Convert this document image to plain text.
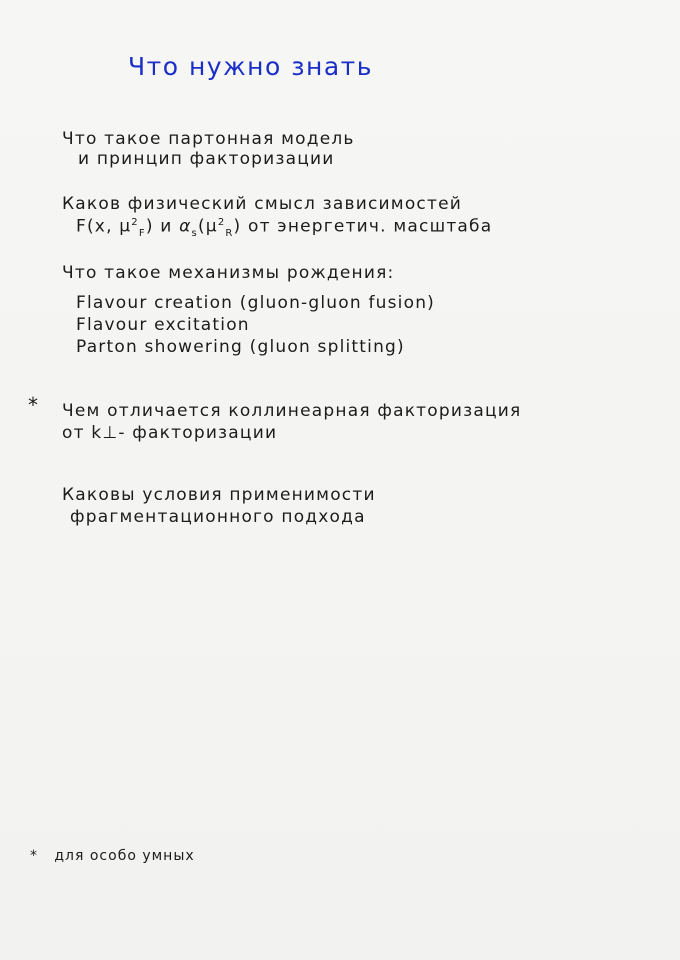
Что нужно знать
Что такое партонная модель
и принцип факторизации
Каков физический смысл зависимостей
F(x, $\mu^2_F$) и $\alpha_s(\mu^2_R)$ от энергетич. масштаба
Что такое механизмы рождения:
Flavour creation (gluon-gluon fusion)
Flavour excitation
Parton showering (gluon splitting)
* Чем отличается коллинеарная факторизация
от k⊥- факторизации
Каковы условия применимости
фрагментационного подхода
* для особо умных
